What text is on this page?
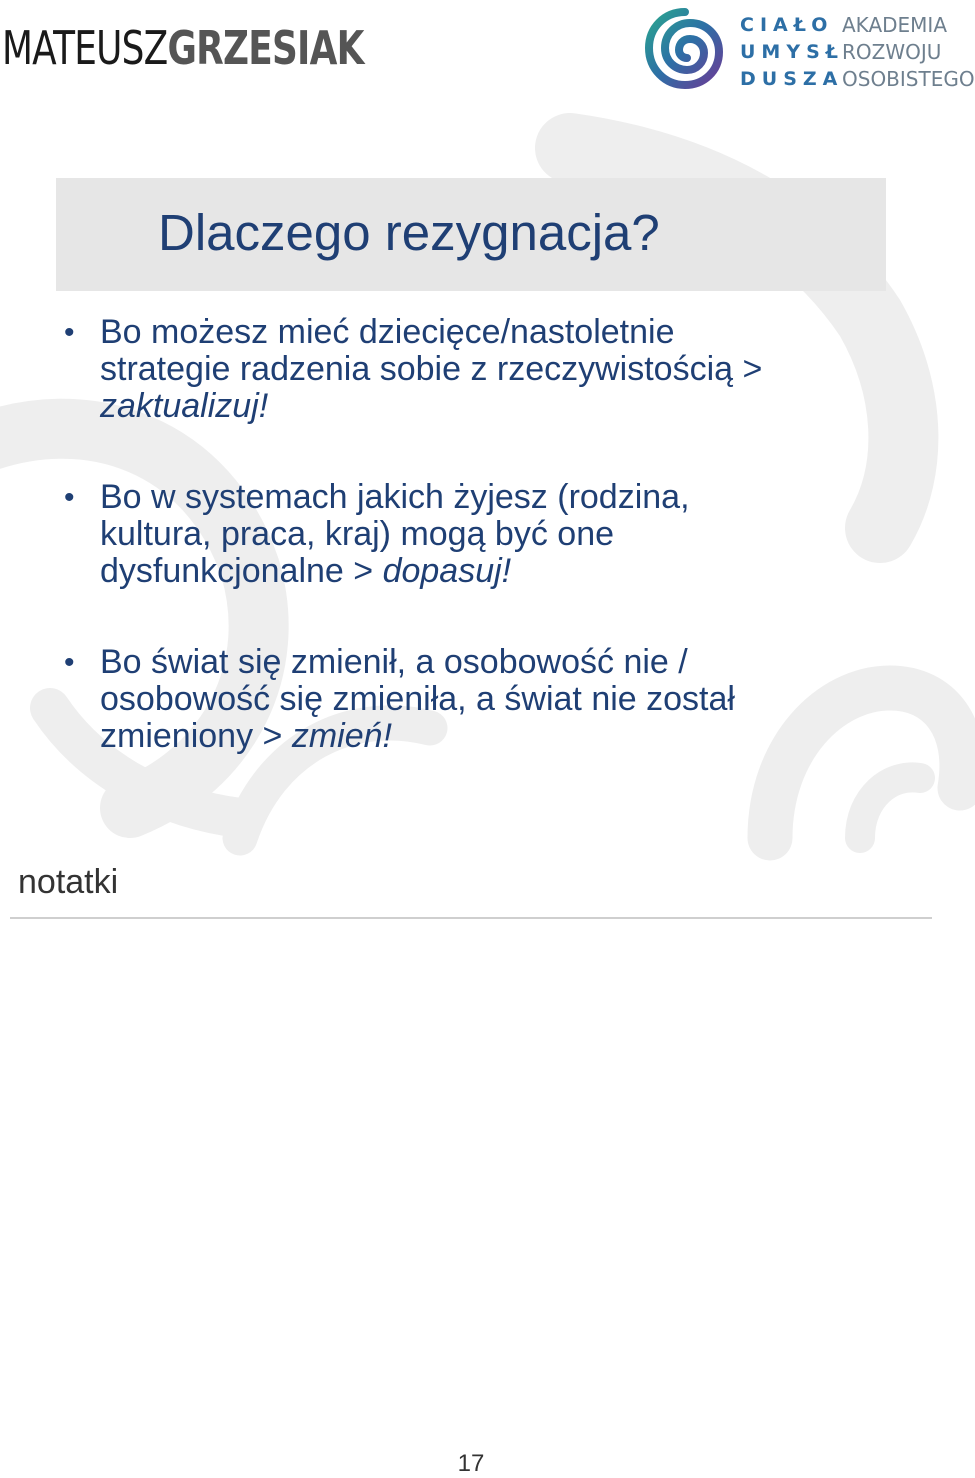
MATEUSZ GRZESIAK	CIAŁO
UMYSŁ
DUSZA
AKADEMIA
ROZWOJU
OSOBISTEGO
Dlaczego rezygnacja?
• Bo możesz mieć dziecięce/nastoletnie
strategie radzenia sobie z rzeczywistością >
zaktualizuj!
• Bo w systemach jakich żyjesz (rodzina,
kultura, praca, kraj) mogą być one
dysfunkcjonalne > dopasuj!
• Bo świat się zmienił, a osobowość nie /
osobowość się zmieniła, a świat nie został
zmieniony > zmień!
notatki
17
